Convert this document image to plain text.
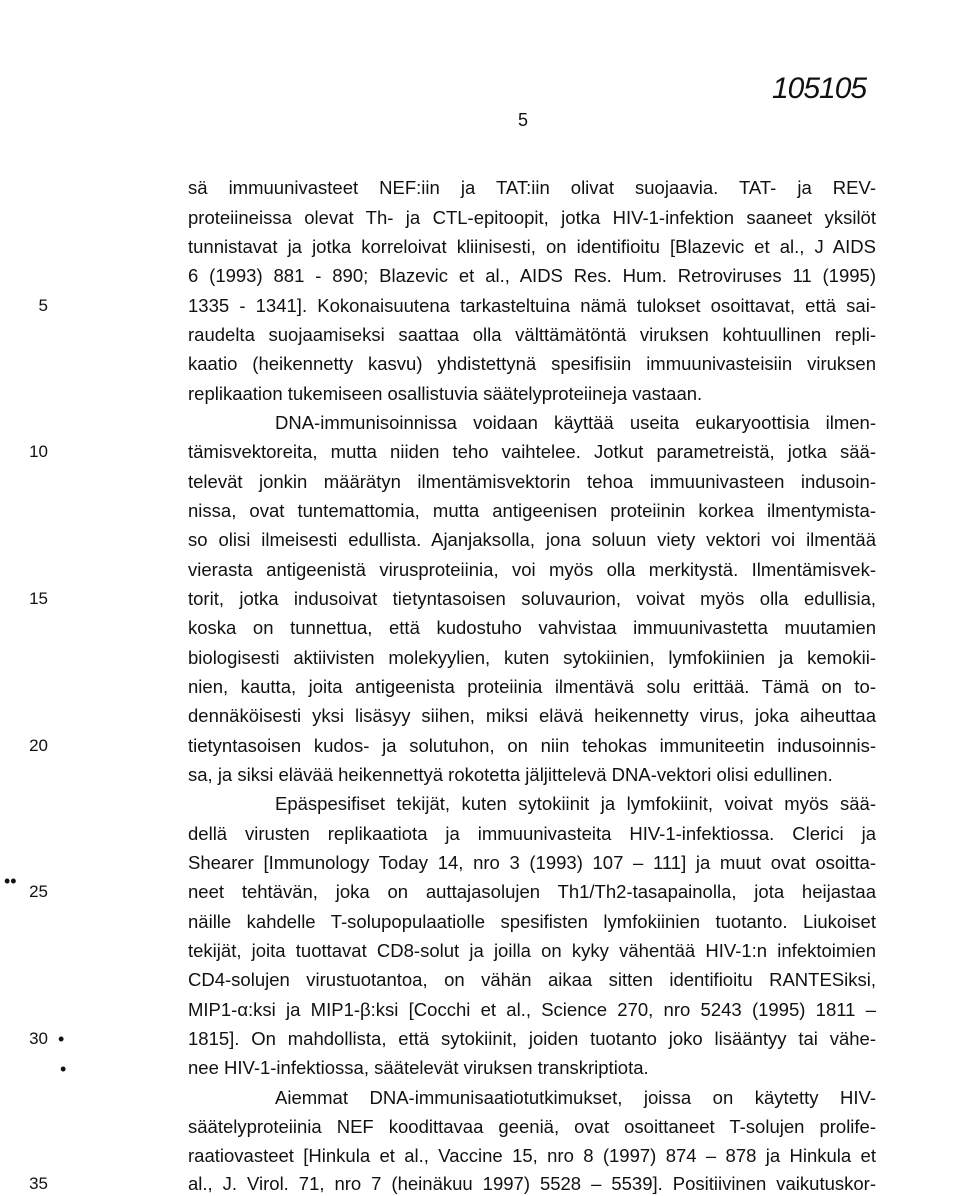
5
105105
sä immuunivasteet NEF:iin ja TAT:iin olivat suojaavia. TAT- ja REV-
proteiineissa olevat Th- ja CTL-epitoopit, jotka HIV-1-infektion saaneet yksilöt
tunnistavat ja jotka korreloivat kliinisesti, on identifioitu [Blazevic et al., J AIDS
6 (1993) 881 - 890; Blazevic et al., AIDS Res. Hum. Retroviruses 11 (1995)
1335 - 1341]. Kokonaisuutena tarkasteltuina nämä tulokset osoittavat, että sai-
raudelta suojaamiseksi saattaa olla välttämätöntä viruksen kohtuullinen repli-
kaatio (heikennetty kasvu) yhdistettynä spesifisiin immuunivasteisiin viruksen
replikaation tukemiseen osallistuvia säätelyproteiineja vastaan.
DNA-immunisoinnissa voidaan käyttää useita eukaryoottisia ilmen-
tämisvektoreita, mutta niiden teho vaihtelee. Jotkut parametreistä, jotka sää-
televät jonkin määrätyn ilmentämisvektorin tehoa immuunivasteen indusoin-
nissa, ovat tuntemattomia, mutta antigeenisen proteiinin korkea ilmentymista-
so olisi ilmeisesti edullista. Ajanjaksolla, jona soluun viety vektori voi ilmentää
vierasta antigeenistä virusproteiinia, voi myös olla merkitystä. Ilmentämisvek-
torit, jotka indusoivat tietyntasoisen soluvaurion, voivat myös olla edullisia,
koska on tunnettua, että kudostuho vahvistaa immuunivastetta muutamien
biologisesti aktiivisten molekyylien, kuten sytokiinien, lymfokiinien ja kemokii-
nien, kautta, joita antigeenista proteiinia ilmentävä solu erittää. Tämä on to-
dennäköisesti yksi lisäsyy siihen, miksi elävä heikennetty virus, joka aiheuttaa
tietyntasoisen kudos- ja solutuhon, on niin tehokas immuniteetin indusoinnis-
sa, ja siksi elävää heikennettyä rokotetta jäljittelevä DNA-vektori olisi edullinen.
Epäspesifiset tekijät, kuten sytokiinit ja lymfokiinit, voivat myös sää-
dellä virusten replikaatiota ja immuunivasteita HIV-1-infektiossa. Clerici ja
Shearer [Immunology Today 14, nro 3 (1993) 107 – 111] ja muut ovat osoitta-
neet tehtävän, joka on auttajasolujen Th1/Th2-tasapainolla, jota heijastaa
näille kahdelle T-solupopulaatiolle spesifisten lymfokiinien tuotanto. Liukoiset
tekijät, joita tuottavat CD8-solut ja joilla on kyky vähentää HIV-1:n infektoimien
CD4-solujen virustuotantoa, on vähän aikaa sitten identifioitu RANTESiksi,
MIP1-α:ksi ja MIP1-β:ksi [Cocchi et al., Science 270, nro 5243 (1995) 1811 –
1815]. On mahdollista, että sytokiinit, joiden tuotanto joko lisääntyy tai vähe-
nee HIV-1-infektiossa, säätelevät viruksen transkriptiota.
Aiemmat DNA-immunisaatiotutkimukset, joissa on käytetty HIV-
säätelyproteiinia NEF koodittavaa geeniä, ovat osoittaneet T-solujen prolife-
raatiovasteet [Hinkula et al., Vaccine 15, nro 8 (1997) 874 – 878 ja Hinkula et
al., J. Virol. 71, nro 7 (heinäkuu 1997) 5528 – 5539]. Positiivinen vaikutuskor-
5
10
15
20
25
30
35
••
•
•
